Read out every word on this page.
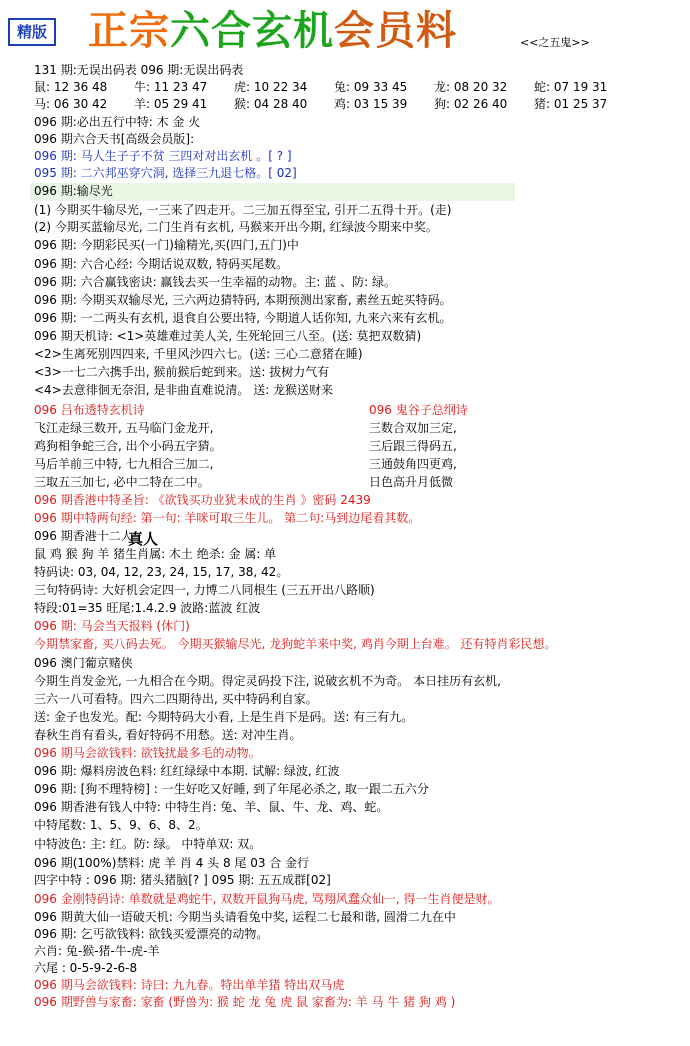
精版 正宗六合玄机会员料	<<之五鬼>>
131 期:无误出码表 096 期:无误出码表
鼠: 12 36 48 牛: 11 23 47 虎: 10 22 34 兔: 09 33 45 龙: 08 20 32 蛇: 07 19 31
马: 06 30 42 羊: 05 29 41 猴: 04 28 40 鸡: 03 15 39 狗: 02 26 40 猪: 01 25 37
096 期:必出五行中特: 木 金 火
096 期六合天书[高级会员版]:
096 期: 马人生子子不贫 三四对对出玄机 。[ ? ]
095 期: 二六邦巫穿穴洞, 选择三九退七格。[ 02]
096 期:输尽光
(1) 今期买牛输尽光, 一三来了四走开。二三加五得至宝, 引开二五得十开。(走)
(2) 今期买蓝输尽光, 二门生肖有玄机, 马猴来开出今期, 红绿波今期来中奖。
096 期: 今期彩民买(一门)输精光,买(四门,五门)中
096 期: 六合心经: 今期话说双数, 特码买尾数。
096 期: 六合赢钱密诀: 赢钱去买一生幸福的动物。主: 蓝 、防: 绿。
096 期: 今期买双输尽光, 三六两边猜特码, 本期预测出家畜, 素丝五蛇买特码。
096 期: 一二两头有玄机, 退食自公要出特, 今期道人话你知, 九来六来有玄机。
096 期天机诗: <1>英雄难过美人关, 生死轮回三八至。(送: 莫把双数猜)
<2>生离死别四四来, 千里风沙四六七。(送: 三心二意猪在睡)
<3>一七二六携手出, 猴前猴后蛇到来。送: 拔树力气有
<4>去意徘徊无奈泪, 是非曲直难说清。 送: 龙猴送财来
096 吕布透特玄机诗	096 鬼谷子总纲诗
飞江走绿三数开, 五马临门金龙开,	三数合双加三定,
鸡狗相争蛇三合, 出个小码五字猜。	三后跟三得码五,
马后羊前三中特, 七九相合三加二,	三通鼓角四更鸡,
三取五三加七, 必中二特在二中。	日色高升月低微
096 期香港中特圣旨: 《欲钱买功业犹未成的生肖 》密码 2439
096 期中特两句经: 第一句: 羊咪可取三生儿。 第二句:马到边尾看其数。
096 期香港十二人
鼠 鸡 猴 狗 羊 猪生肖属: 木土 绝杀: 金 属: 单
特码诀: 03, 04, 12, 23, 24, 15, 17, 38, 42。
三句特码诗: 大好机会定四一, 力博二八同根生 (三五开出八路顺)
特段:01=35 旺尾:1.4.2.9 波路:蓝波 红波
096 期: 马会当天报料 (休门)
今期禁家畜, 买八码去死。 今期买猴输尽光, 龙狗蛇羊来中奖, 鸡肖今期上台难。 还有特肖彩民想。
096 澳门葡京赌侠
今期生肖发金光, 一九相合在今期。得定灵码投下注, 说破玄机不为奇。 本日挂历有玄机,
三六一八可看特。四六二四期待出, 买中特码利自家。
送: 金子也发光。配: 今期特码大小看, 上是生肖下是码。送: 有三有九。
春秋生肖有看头, 看好特码不用愁。送: 对冲生肖。
096 期马会欲钱料: 欲钱扰最多毛的动物。
096 期: 爆料房波色料: 红红绿绿中本期. 试解: 绿波, 红波
096 期: [狗不理特榜] : 一生好吃又好睡, 到了年尾必杀之, 取一跟二五六分
096 期香港有钱人中特: 中特生肖: 兔、羊、鼠、牛、龙、鸡、蛇。
中特尾数: 1、5、9、6、8、2。
中特波色: 主: 红。防: 绿。 中特单双: 双。
096 期(100%)禁料: 虎 羊 肖 4 头 8 尾 03 合 金行
四字中特 : 096 期: 猪头猪脑[? ] 095 期: 五五成群[02]
096 金刚特码诗: 单数就是鸡蛇牛, 双数开鼠狗马虎, 骂翔风蠢众仙一, 得一生肖便是财。
096 期黄大仙一语破天机: 今期当头请看兔中奖, 运程二七最和谐, 圆滑二九在中
096 期: 乞丐欲钱料: 欲钱买爱漂亮的动物。
六肖: 兔-猴-猪-牛-虎-羊
六尾 : 0-5-9-2-6-8
096 期马会欲钱料: 诗曰: 九九春。特出单羊猪 特出双马虎
096 期野兽与家畜: 家畜 (野兽为: 猴 蛇 龙 兔 虎 鼠 家畜为: 羊 马 牛 猪 狗 鸡 )
真人
